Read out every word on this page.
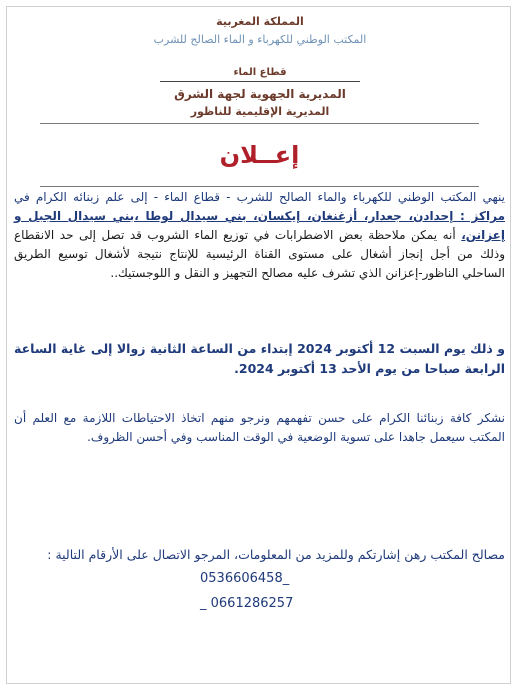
المملكة المغربية
المكتب الوطني للكهرباء و الماء الصالح للشرب
قطاع الماء
المديرية الجهوية لجهة الشرق
المديرية الإقليمية للناظور
إعــلان
ينهي المكتب الوطني للكهرباء والماء الصالح للشرب - قطاع الماء - إلى علم زبنائه الكرام في مراكز : إحدادن، جعدار، أزغنغان، إيكسان، بني سيدال لوطا ،بني سيدال الجبل و إعزانن، أنه يمكن ملاحظة بعض الاضطرابات في توزيع الماء الشروب قد تصل إلى حد الانقطاع وذلك من أجل إنجاز أشغال على مستوى القناة الرئيسية للإنتاج نتيجة لأشغال توسيع الطريق الساحلي الناظور-إعزانن الذي تشرف عليه مصالح التجهيز و النقل و اللوجستيك..
و ذلك يوم السبت 12 أكتوبر 2024 إبتداء من الساعة الثانية زوالا إلى غاية الساعة الرابعة صباحا من يوم الأحد 13 أكتوبر 2024.
نشكر كافة زبنائنا الكرام على حسن تفهمهم ونرجو منهم اتخاذ الاحتياطات اللازمة مع العلم أن المكتب سيعمل جاهدا على تسوية الوضعية في الوقت المناسب وفي أحسن الظروف.
مصالح المكتب رهن إشارتكم وللمزيد من المعلومات، المرجو الاتصال على الأرقام التالية :
0536606458_
_ 0661286257
